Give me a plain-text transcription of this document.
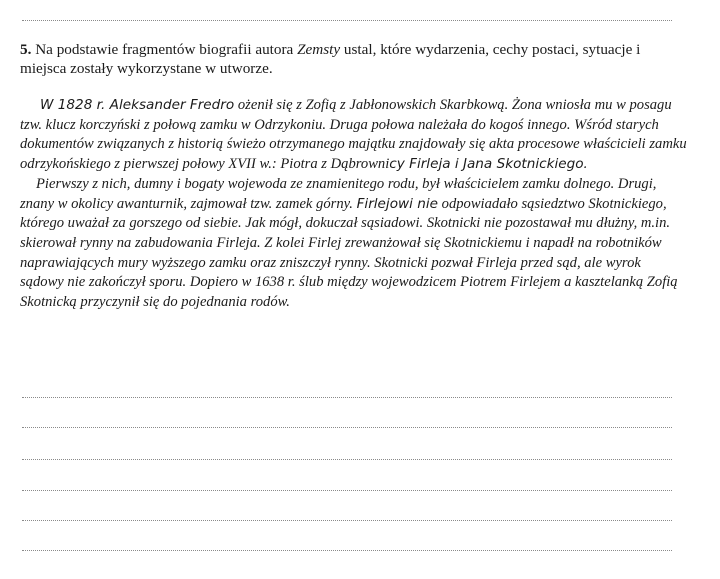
5. Na podstawie fragmentów biografii autora Zemsty ustal, które wydarzenia, cechy postaci, sytuacje i miejsca zostały wykorzystane w utworze.

W 1828 r. Aleksander Fredro ożenił się z Zofią z Jabłonowskich Skarbkową. Żona wniosła mu w posagu tzw. klucz korczyński z połową zamku w Odrzykoniu. Druga połowa należała do kogoś innego. Wśród starych dokumentów związanych z historią świeżo otrzymanego majątku znajdowały się akta procesowe właścicieli zamku odrzykońskiego z pierwszej połowy XVII w.: Piotra z Dąbrownicy Firleja i Jana Skotnickiego.

Pierwszy z nich, dumny i bogaty wojewoda ze znamienitego rodu, był właścicielem zamku dolnego. Drugi, znany w okolicy awanturnik, zajmował tzw. zamek górny. Firlejowi nie odpowiadało sąsiedztwo Skotnickiego, którego uważał za gorszego od siebie. Jak mógł, dokuczał sąsiadowi. Skotnicki nie pozostawał mu dłużny, m.in. skierował rynny na zabudowania Firleja. Z kolei Firlej zrewanżował się Skotnickiemu i napadł na robotników naprawiających mury wyższego zamku oraz zniszczył rynny. Skotnicki pozwał Firleja przed sąd, ale wyrok sądowy nie zakończył sporu. Dopiero w 1638 r. ślub między wojewodzicem Piotrem Firlejem a kasztelanką Zofią Skotnicką przyczynił się do pojednania rodów.
